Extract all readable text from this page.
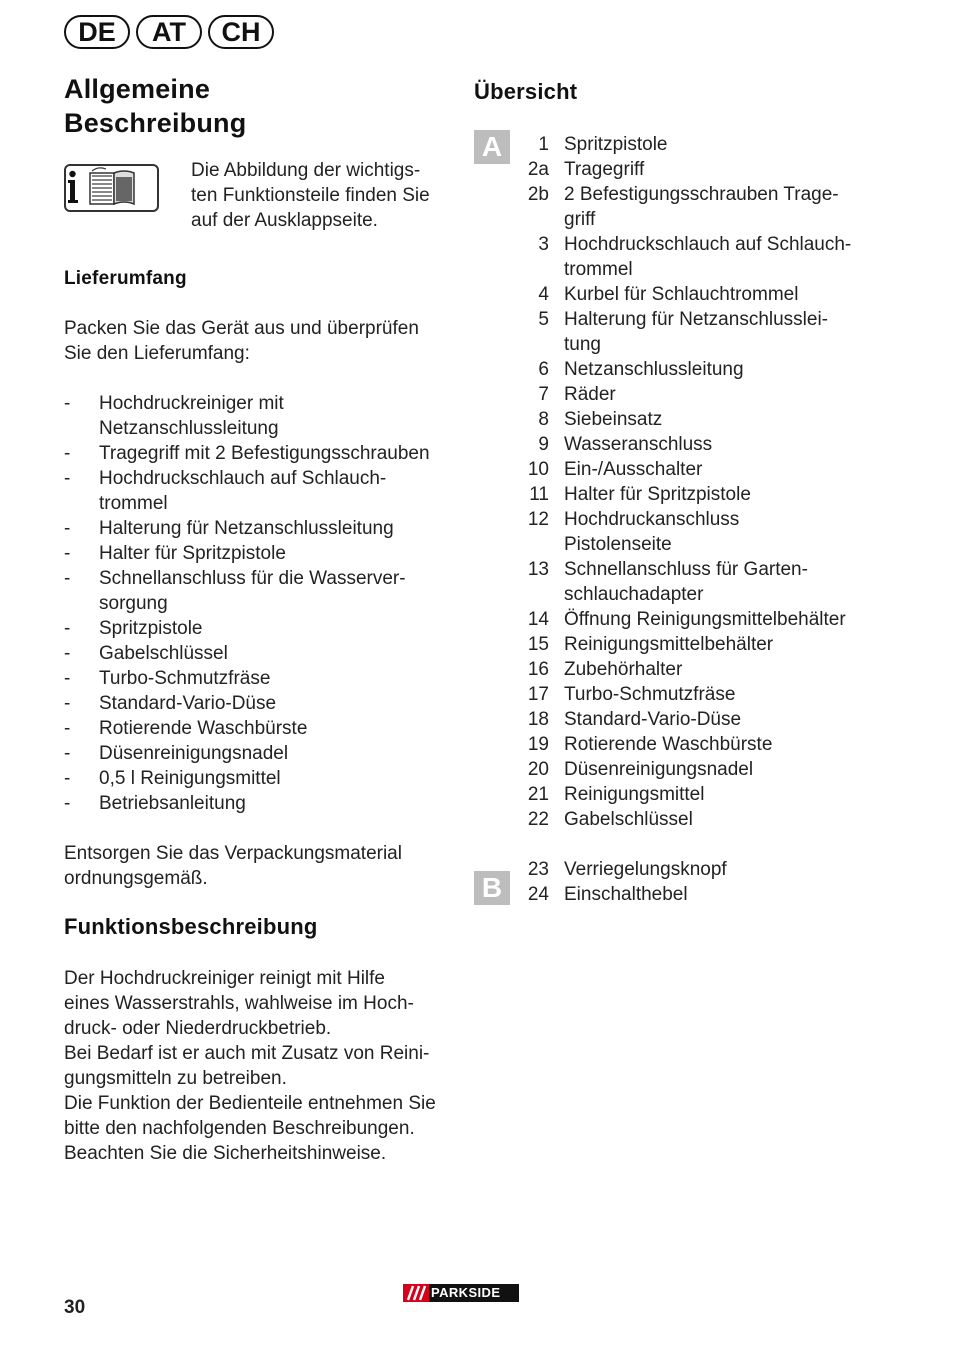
DE	AT	CH
Allgemeine
Beschreibung
Die Abbildung der wichtigs-
ten Funktionsteile finden Sie
auf der Ausklappseite.
Lieferumfang

Packen Sie das Gerät aus und überprüfen
Sie den Lieferumfang:

- Hochdruckreiniger mit
Netzanschlussleitung
- Tragegriff mit 2 Befestigungsschrauben
- Hochdruckschlauch auf Schlauch-
trommel
- Halterung für Netzanschlussleitung
- Halter für Spritzpistole
- Schnellanschluss für die Wasserver-
sorgung
- Spritzpistole
- Gabelschlüssel
- Turbo-Schmutzfräse
- Standard-Vario-Düse
- Rotierende Waschbürste
- Düsenreinigungsnadel
- 0,5 l Reinigungsmittel
- Betriebsanleitung

Entsorgen Sie das Verpackungsmaterial
ordnungsgemäß.

Funktionsbeschreibung

Der Hochdruckreiniger reinigt mit Hilfe
eines Wasserstrahls, wahlweise im Hoch-
druck- oder Niederdruckbetrieb.
Bei Bedarf ist er auch mit Zusatz von Reini-
gungsmitteln zu betreiben.
Die Funktion der Bedienteile entnehmen Sie
bitte den nachfolgenden Beschreibungen.
Beachten Sie die Sicherheitshinweise.

Übersicht
A	1 Spritzpistole
2a Tragegriff
2b 2 Befestigungsschrauben Trage-
griff
3 Hochdruckschlauch auf Schlauch-
trommel
4 Kurbel für Schlauchtrommel
5 Halterung für Netzanschlusslei-
tung
6 Netzanschlussleitung
7 Räder
8 Siebeinsatz
9 Wasseranschluss
10 Ein-/Ausschalter
11 Halter für Spritzpistole
12 Hochdruckanschluss
Pistolenseite
13 Schnellanschluss für Garten-
schlauchadapter
14 Öffnung Reinigungsmittelbehälter
15 Reinigungsmittelbehälter
16 Zubehörhalter
17 Turbo-Schmutzfräse
18 Standard-Vario-Düse
19 Rotierende Waschbürste
20 Düsenreinigungsnadel
21 Reinigungsmittel
22 Gabelschlüssel
B
23 Verriegelungsknopf
24 Einschalthebel
30
PARKSIDE
